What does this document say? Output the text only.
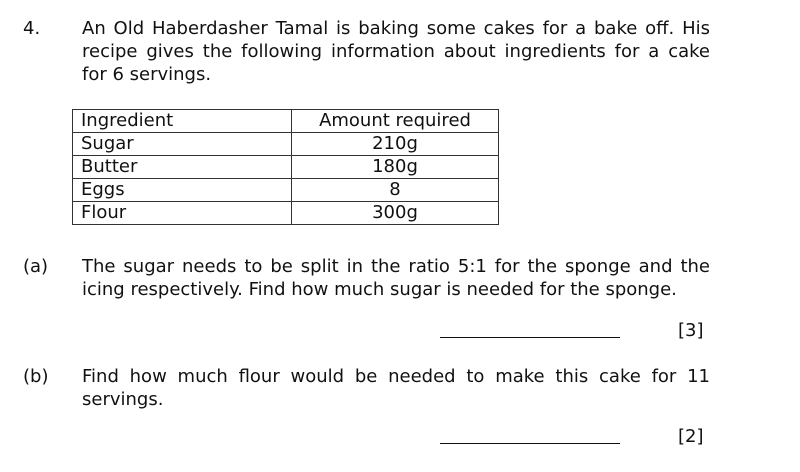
4. An Old Haberdasher Tamal is baking some cakes for a bake off. His recipe gives the following information about ingredients for a cake for 6 servings.

Ingredient	Amount required
Sugar	210g
Butter	180g
Eggs	8
Flour	300g
(a) The sugar needs to be split in the ratio 5:1 for the sponge and the icing respectively. Find how much sugar is needed for the sponge.

[3]
(b) Find how much flour would be needed to make this cake for 11 servings.

[2]
